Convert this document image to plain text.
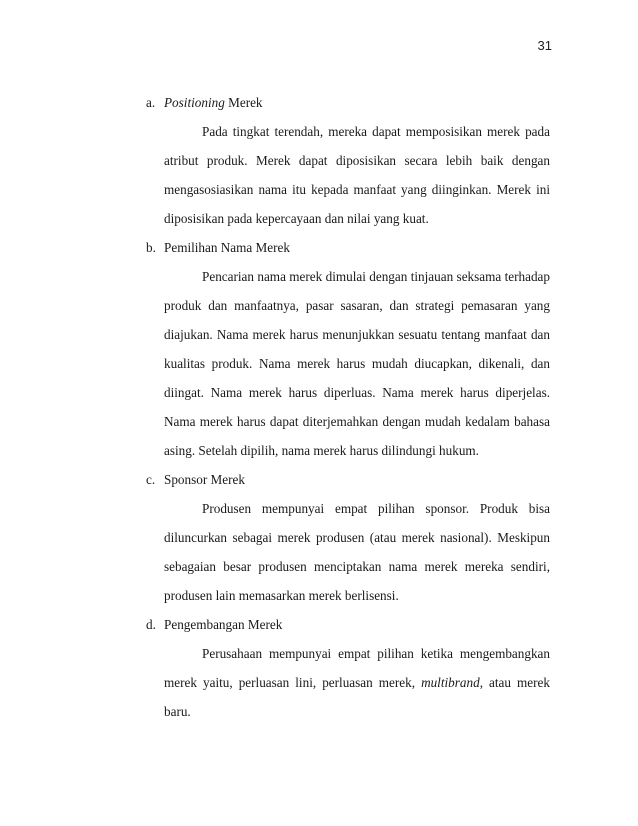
31

a. Positioning Merek

Pada tingkat terendah, mereka dapat memposisikan merek pada atribut produk. Merek dapat diposisikan secara lebih baik dengan mengasosiasikan nama itu kepada manfaat yang diinginkan. Merek ini diposisikan pada kepercayaan dan nilai yang kuat.

b. Pemilihan Nama Merek

Pencarian nama merek dimulai dengan tinjauan seksama terhadap produk dan manfaatnya, pasar sasaran, dan strategi pemasaran yang diajukan. Nama merek harus menunjukkan sesuatu tentang manfaat dan kualitas produk. Nama merek harus mudah diucapkan, dikenali, dan diingat. Nama merek harus diperluas. Nama merek harus diperjelas. Nama merek harus dapat diterjemahkan dengan mudah kedalam bahasa asing. Setelah dipilih, nama merek harus dilindungi hukum.

c. Sponsor Merek

Produsen mempunyai empat pilihan sponsor. Produk bisa diluncurkan sebagai merek produsen (atau merek nasional). Meskipun sebagaian besar produsen menciptakan nama merek mereka sendiri, produsen lain memasarkan merek berlisensi.

d. Pengembangan Merek

Perusahaan mempunyai empat pilihan ketika mengembangkan merek yaitu, perluasan lini, perluasan merek, multibrand, atau merek baru.
